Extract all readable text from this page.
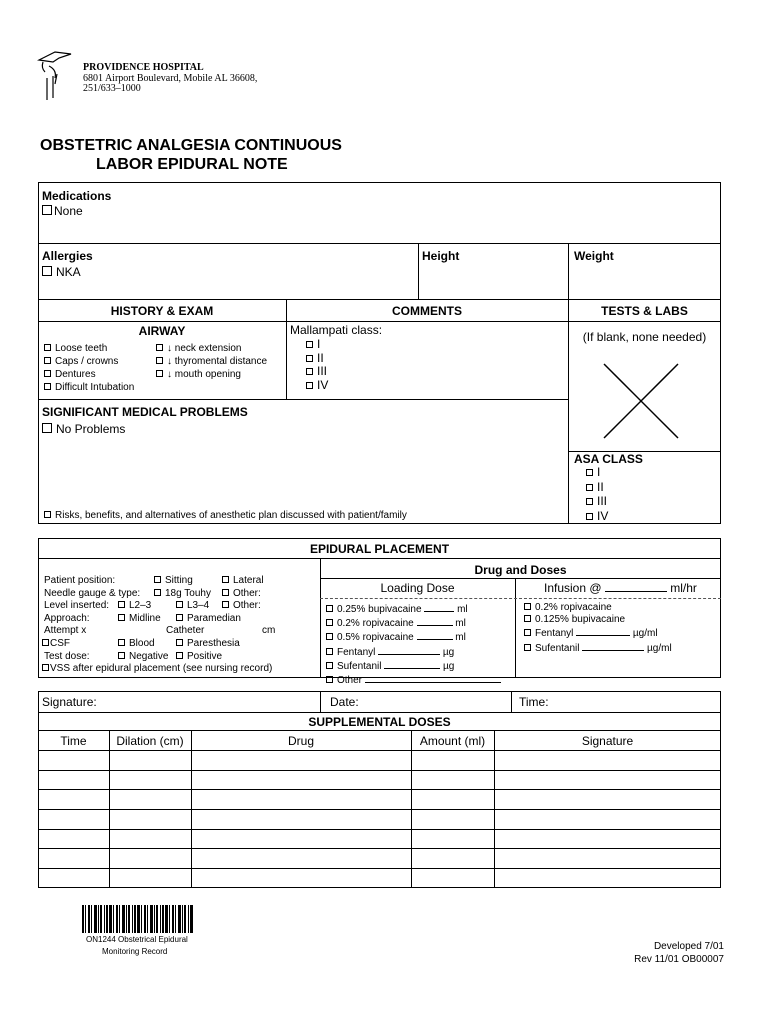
PROVIDENCE HOSPITAL
6801 Airport Boulevard, Mobile AL 36608,
251/633–1000
OBSTETRIC ANALGESIA CONTINUOUS
LABOR EPIDURAL NOTE
Medications
None
Allergies
NKA
Height	Weight
HISTORY & EXAM
AIRWAY
Loose teeth
Caps / crowns
Dentures
Difficult Intubation
↓ neck extension
↓ thyromental distance
↓ mouth opening
COMMENTS
Mallampati class:
I
II
III
IV
TESTS & LABS
(If blank, none needed)
ASA CLASS
I
II
III
IV
SIGNIFICANT MEDICAL PROBLEMS
No Problems
Risks, benefits, and alternatives of anesthetic plan discussed with patient/family
EPIDURAL PLACEMENT
Patient position:	Sitting	Lateral
Needle gauge & type:	18g Touhy	Other:
Level inserted:	L2–3	L3–4	Other:
Approach:	Midline	Paramedian
Attempt x	Catheter	cm
CSF	Blood	Paresthesia
Test dose:	Negative	Positive
VSS after epidural placement (see nursing record)
Drug and Doses
Loading Dose	Infusion @	ml/hr
0.25% bupivacaine	ml
0.2% ropivacaine	ml
0.5% ropivacaine	ml
Fentanyl	µg
Sufentanil	µg
Other
0.2% ropivacaine
0.125% bupivacaine
Fentanyl	µg/ml
Sufentanil	µg/ml
Signature:	Date:	Time:
SUPPLEMENTAL DOSES
Time	Dilation (cm)	Drug	Amount (ml)	Signature
ON1244 Obstetrical Epidural
Monitoring Record	Developed 7/01
Rev 11/01 OB00007
